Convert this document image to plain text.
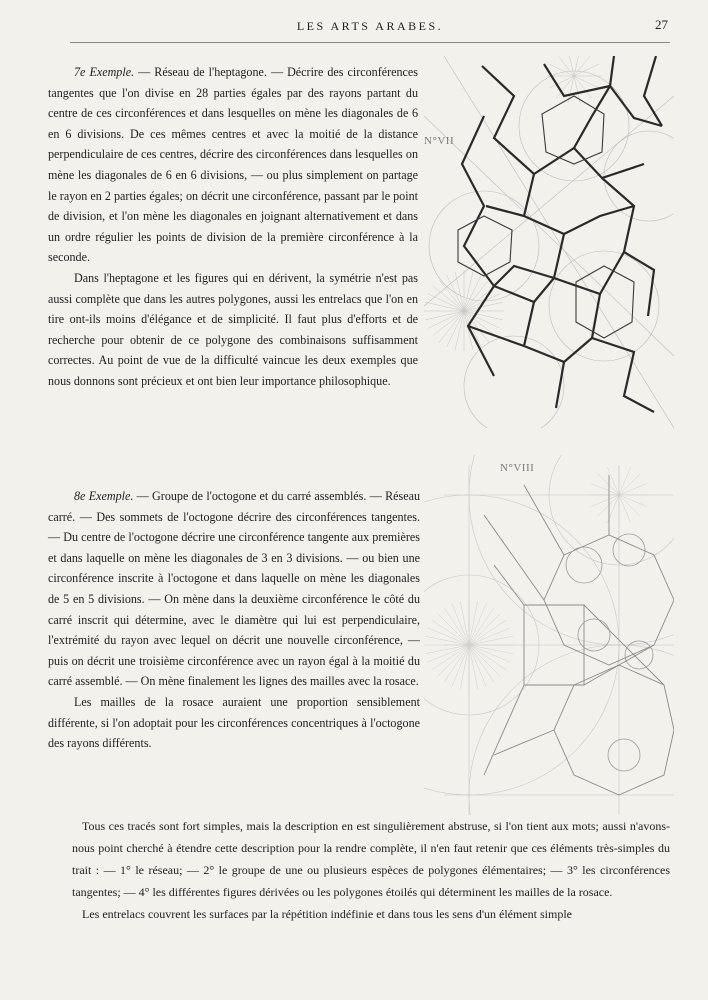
LES ARTS ARABES.	27

7e Exemple. — Réseau de l'heptagone. — Décrire des circonférences tangentes que l'on divise en 28 parties égales par des rayons partant du centre de ces circonférences et dans lesquelles on mène les diagonales de 6 en 6 divisions. De ces mêmes centres et avec la moitié de la distance perpendiculaire de ces centres, décrire des circonférences dans lesquelles on mène les diagonales de 6 en 6 divisions, — ou plus simplement on partage le rayon en 2 parties égales; on décrit une circonférence, passant par le point de division, et l'on mène les diagonales en joignant alternativement et dans un ordre régulier les points de division de la première circonférence à la seconde.

Dans l'heptagone et les figures qui en dérivent, la symétrie n'est pas aussi complète que dans les autres polygones, aussi les entrelacs que l'on en tire ont-ils moins d'élégance et de simplicité. Il faut plus d'efforts et de recherche pour obtenir de ce polygone des combinaisons suffisamment correctes. Au point de vue de la difficulté vaincue les deux exemples que nous donnons sont précieux et ont bien leur importance philosophique.

8e Exemple. — Groupe de l'octogone et du carré assemblés. — Réseau carré. — Des sommets de l'octogone décrire des circonférences tangentes. — Du centre de l'octogone décrire une circonférence tangente aux premières et dans laquelle on mène les diagonales de 3 en 3 divisions. — ou bien une circonférence inscrite à l'octogone et dans laquelle on mène les diagonales de 5 en 5 divisions. — On mène dans la deuxième circonférence le côté du carré inscrit qui détermine, avec le diamètre qui lui est perpendiculaire, l'extrémité du rayon avec lequel on décrit une nouvelle circonférence, — puis on décrit une troisième circonférence avec un rayon égal à la moitié du carré assemblé. — On mène finalement les lignes des mailles avec la rosace.

Les mailles de la rosace auraient une proportion sensiblement différente, si l'on adoptait pour les circonférences concentriques à l'octogone des rayons différents.

Tous ces tracés sont fort simples, mais la description en est singulièrement abstruse, si l'on tient aux mots; aussi n'avons-nous point cherché à étendre cette description pour la rendre complète, il n'en faut retenir que ces éléments très-simples du trait : — 1° le réseau; — 2° le groupe de une ou plusieurs espèces de polygones élémentaires; — 3° les circonférences tangentes; — 4° les différentes figures dérivées ou les polygones étoilés qui déterminent les mailles de la rosace.

Les entrelacs couvrent les surfaces par la répétition indéfinie et dans tous les sens d'un élément simple

N°VII
N°VIII
